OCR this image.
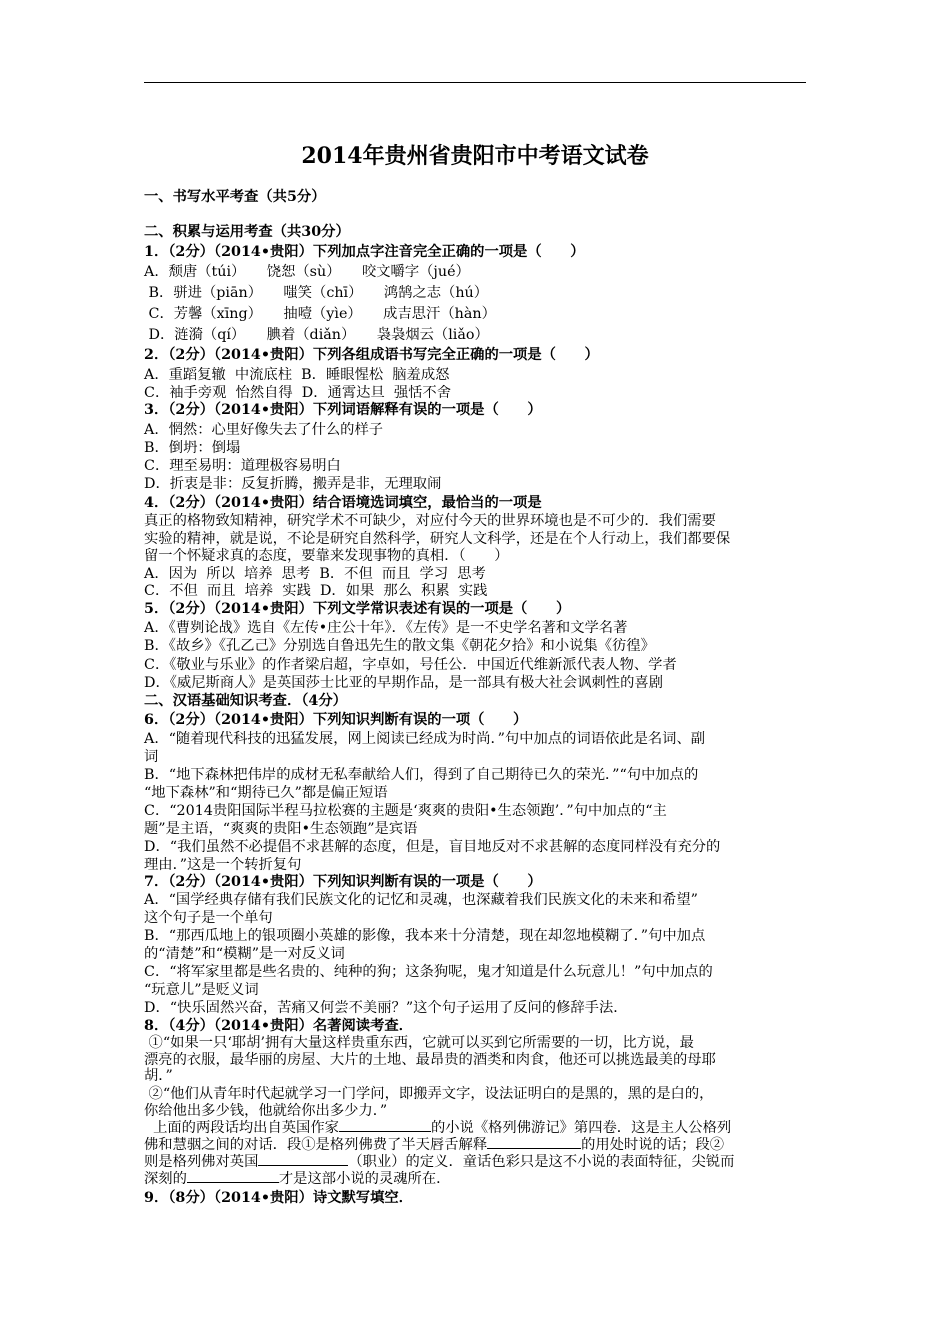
2014年贵州省贵阳市中考语文试卷
一、书写水平考查（共5分）
二、积累与运用考查（共30分）
1．（2分）（2014•贵阳）下列加点字注音完全正确的一项是（　　）
A．颓唐（túi）　　饶恕（sù）　　咬文嚼字（jué）
B．骈进（piān）　　嗤笑（chī）　　鸿鹄之志（hú）
C．芳馨（xīng）　　抽噎（yìe）　　成吉思汗（hàn）
D．涟漪（qí）　　腆着（diǎn）　　袅袅烟云（liǎo）
2．（2分）（2014•贵阳）下列各组成语书写完全正确的一项是（　　）
A．重蹈复辙  中流底柱  B．睡眼惺松  脑羞成怒
C．袖手旁观  怡然自得  D．通霄达旦  强恬不舍
3．（2分）（2014•贵阳）下列词语解释有误的一项是（　　）
A．惘然：心里好像失去了什么的样子
B．倒坍：倒塌
C．理至易明：道理极容易明白
D．折衷是非：反复折腾，搬弄是非，无理取闹
4．（2分）（2014•贵阳）结合语境选词填空，最恰当的一项是
真正的格物致知精神，研究学术不可缺少，对应付今天的世界环境也是不可少的．我们需要
实验的精神，就是说，不论是研究自然科学，研究人文科学，还是在个人行动上，我们都要保
留一个怀疑求真的态度，要靠来发现事物的真相．（　　）
A．因为  所以  培养  思考  B．不但  而且  学习  思考
C．不但  而且  培养  实践  D．如果  那么  积累  实践
5．（2分）（2014•贵阳）下列文学常识表述有误的一项是（　　）
A．《曹刿论战》选自《左传•庄公十年》．《左传》是一不史学名著和文学名著
B．《故乡》《孔乙己》分别选自鲁迅先生的散文集《朝花夕拾》和小说集《彷徨》
C．《敬业与乐业》的作者梁启超，字卓如，号任公．中国近代维新派代表人物、学者
D．《威尼斯商人》是英国莎士比亚的早期作品，是一部具有极大社会讽刺性的喜剧
二、汉语基础知识考查．（4分）
6．（2分）（2014•贵阳）下列知识判断有误的一项（　　）
A．“随着现代科技的迅猛发展，网上阅读已经成为时尚．”句中加点的词语依此是名词、副
词
B．“地下森林把伟岸的成材无私奉献给人们，得到了自己期待已久的荣光．”“句中加点的
“地下森林”和“期待已久”都是偏正短语
C．“2014贵阳国际半程马拉松赛的主题是‘爽爽的贵阳•生态领跑’．”句中加点的“主
题”是主语，“爽爽的贵阳•生态领跑”是宾语
D．“我们虽然不必提倡不求甚解的态度，但是，盲目地反对不求甚解的态度同样没有充分的
理由．”这是一个转折复句
7．（2分）（2014•贵阳）下列知识判断有误的一项是（　　）
A．“国学经典存储有我们民族文化的记忆和灵魂，也深藏着我们民族文化的未来和希望”
这个句子是一个单句
B．“那西瓜地上的银项圈小英雄的影像，我本来十分清楚，现在却忽地模糊了．”句中加点
的“清楚”和“模糊”是一对反义词
C．“将军家里都是些名贵的、纯种的狗；这条狗呢，鬼才知道是什么玩意儿！”句中加点的
“玩意儿”是贬义词
D．“快乐固然兴奋，苦痛又何尝不美丽？”这个句子运用了反问的修辞手法．
8．（4分）（2014•贵阳）名著阅读考查．
①“如果一只‘耶胡’拥有大量这样贵重东西，它就可以买到它所需要的一切，比方说，最
漂亮的衣服，最华丽的房屋、大片的土地、最昂贵的酒类和肉食，他还可以挑选最美的母耶
胡．”
②“他们从青年时代起就学习一门学问，即搬弄文字，设法证明白的是黑的，黑的是白的，
你给他出多少钱，他就给你出多少力．”
上面的两段话均出自英国作家	的小说《格列佛游记》第四卷．这是主人公格列
佛和慧骃之间的对话．段①是格列佛费了半天唇舌解释	的用处时说的话；段②
则是格列佛对英国	（职业）的定义．童话色彩只是这不小说的表面特征，尖锐而
深刻的	才是这部小说的灵魂所在．
9．（8分）（2014•贵阳）诗文默写填空．
